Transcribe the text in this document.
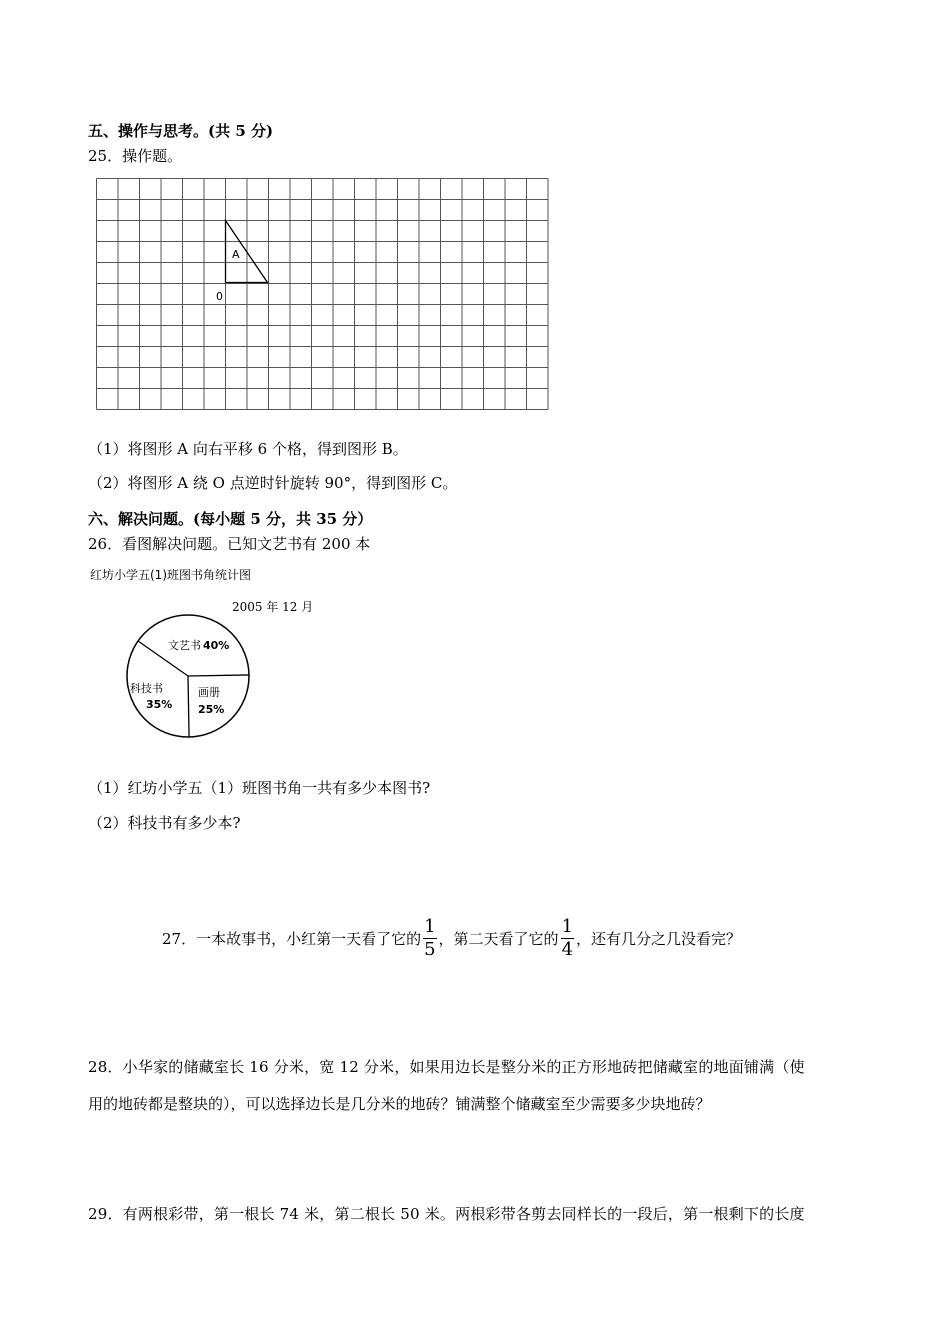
五、操作与思考。(共 5 分)
25．操作题。
A
0
（1）将图形 A 向右平移 6 个格，得到图形 B。
（2）将图形 A 绕 O 点逆时针旋转 90°，得到图形 C。
六、解决问题。(每小题 5 分，共 35 分）
26．看图解决问题。已知文艺书有 200 本
红坊小学五(1)班图书角统计图
2005 年 12 月
文艺书 40%
画册
25%
科技书
35%
（1）红坊小学五（1）班图书角一共有多少本图书?
（2）科技书有多少本?
27．一本故事书，小红第一天看了它的 $\frac{1}{5}$ ，第二天看了它的 $\frac{1}{4}$ ，还有几分之几没看完？
28．小华家的储藏室长 16 分米，宽 12 分米，如果用边长是整分米的正方形地砖把储藏室的地面铺满（使
用的地砖都是整块的），可以选择边长是几分米的地砖？铺满整个储藏室至少需要多少块地砖？
29．有两根彩带，第一根长 74 米，第二根长 50 米。两根彩带各剪去同样长的一段后，第一根剩下的长度
